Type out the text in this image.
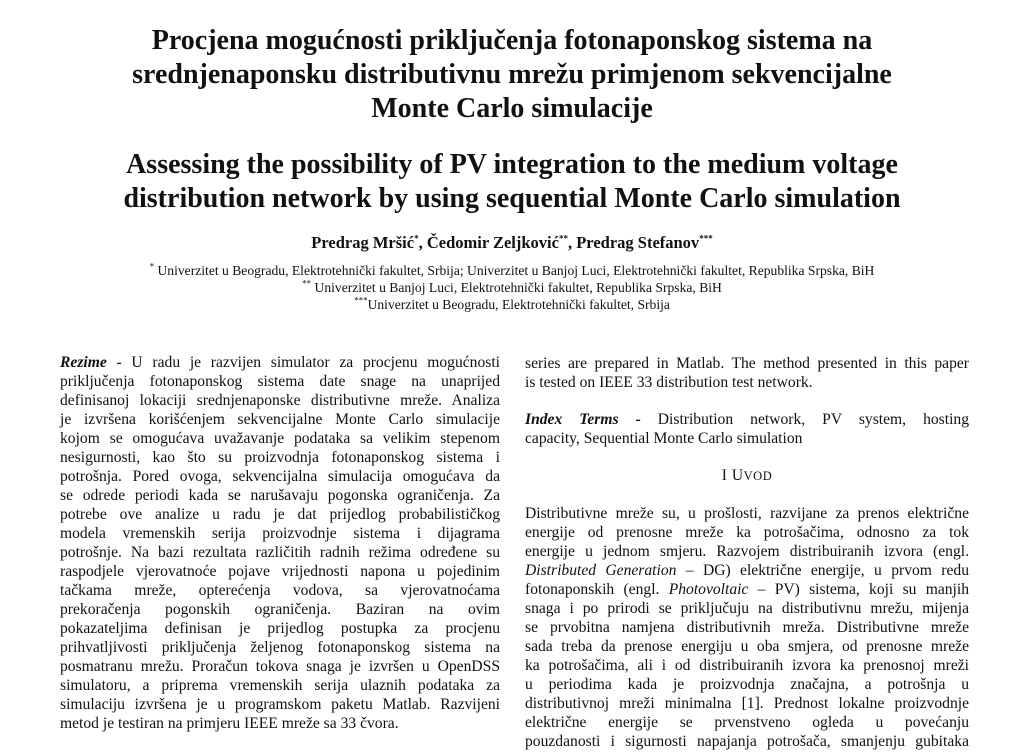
Procjena mogućnosti priključenja fotonaponskog sistema na
srednjenaponsku distributivnu mrežu primjenom sekvencijalne
Monte Carlo simulacije
Assessing the possibility of PV integration to the medium voltage
distribution network by using sequential Monte Carlo simulation
Predrag Mršić*, Čedomir Zeljković**, Predrag Stefanov***
* Univerzitet u Beogradu, Elektrotehnički fakultet, Srbija; Univerzitet u Banjoj Luci, Elektrotehnički fakultet, Republika Srpska, BiH
** Univerzitet u Banjoj Luci, Elektrotehnički fakultet, Republika Srpska, BiH
***Univerzitet u Beogradu, Elektrotehnički fakultet, Srbija
Rezime - U radu je razvijen simulator za procjenu mogućnosti
priključenja fotonaponskog sistema date snage na unaprijed
definisanoj lokaciji srednjenaponske distributivne mreže. Analiza
je izvršena korišćenjem sekvencijalne Monte Carlo simulacije
kojom se omogućava uvažavanje podataka sa velikim stepenom
nesigurnosti, kao što su proizvodnja fotonaponskog sistema i
potrošnja. Pored ovoga, sekvencijalna simulacija omogućava da
se odrede periodi kada se narušavaju pogonska ograničenja. Za
potrebe ove analize u radu je dat prijedlog probabilističkog
modela vremenskih serija proizvodnje sistema i dijagrama
potrošnje. Na bazi rezultata različitih radnih režima određene su
raspodjele vjerovatnoće pojave vrijednosti napona u pojedinim
tačkama mreže, opterećenja vodova, sa vjerovatnoćama
prekoračenja pogonskih ograničenja. Baziran na ovim
pokazateljima definisan je prijedlog postupka za procjenu
prihvatljivosti priključenja željenog fotonaponskog sistema na
posmatranu mrežu. Proračun tokova snaga je izvršen u OpenDSS
simulatoru, a priprema vremenskih serija ulaznih podataka za
simulaciju izvršena je u programskom paketu Matlab. Razvijeni
metod je testiran na primjeru IEEE mreže sa 33 čvora.
series are prepared in Matlab. The method presented in this paper
is tested on IEEE 33 distribution test network.
Index Terms - Distribution network, PV system, hosting
capacity, Sequential Monte Carlo simulation
I UVOD
Distributivne mreže su, u prošlosti, razvijane za prenos električne
energije od prenosne mreže ka potrošačima, odnosno za tok
energije u jednom smjeru. Razvojem distribuiranih izvora (engl.
Distributed Generation – DG) električne energije, u prvom redu
fotonaponskih (engl. Photovoltaic – PV) sistema, koji su manjih
snaga i po prirodi se priključuju na distributivnu mrežu, mijenja
se prvobitna namjena distributivnih mreža. Distributivne mreže
sada treba da prenose energiju u oba smjera, od prenosne mreže
ka potrošačima, ali i od distribuiranih izvora ka prenosnoj mreži
u periodima kada je proizvodnja značajna, a potrošnja u
distributivnoj mreži minimalna [1]. Prednost lokalne proizvodnje
električne energije se prvenstveno ogleda u povećanju
pouzdanosti i sigurnosti napajanja potrošača, smanjenju gubitaka
